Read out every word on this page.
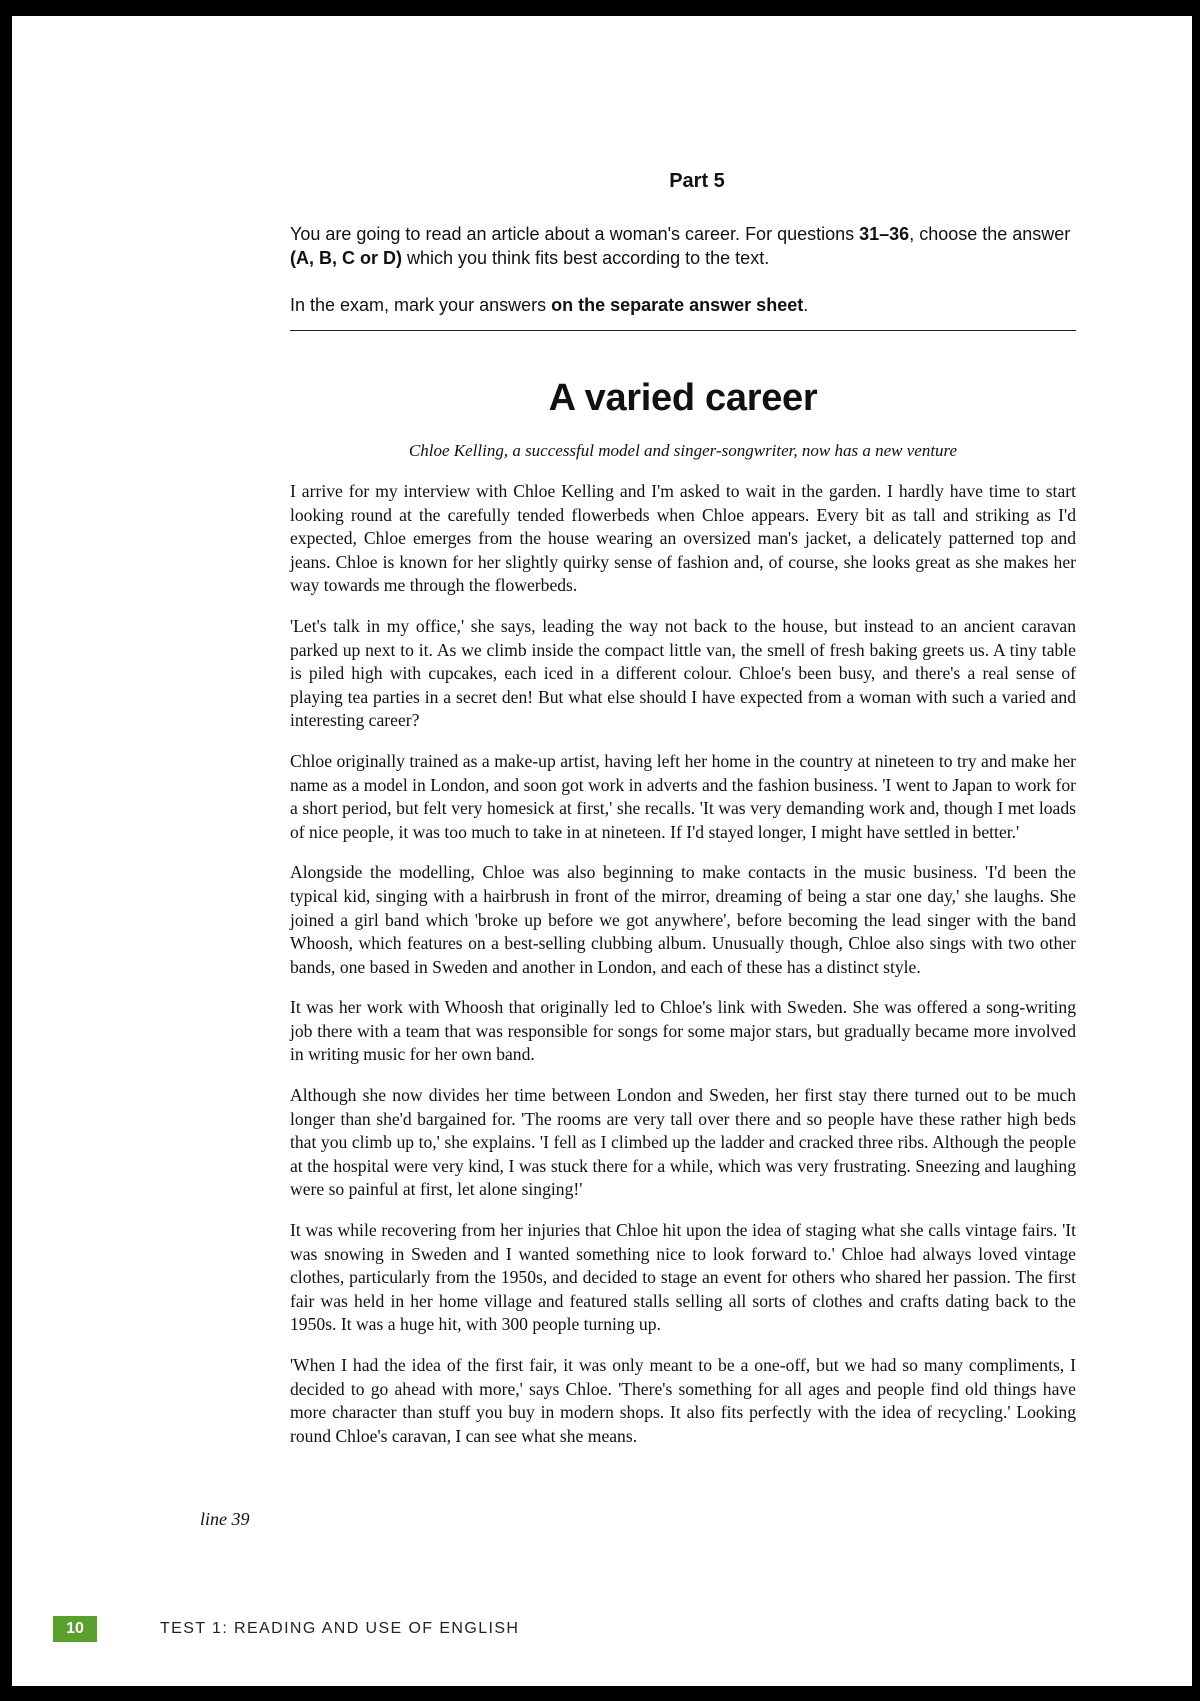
Part 5

You are going to read an article about a woman's career. For questions 31–36, choose the answer (A, B, C or D) which you think fits best according to the text.

In the exam, mark your answers on the separate answer sheet.

A varied career
Chloe Kelling, a successful model and singer-songwriter, now has a new venture

I arrive for my interview with Chloe Kelling and I'm asked to wait in the garden. I hardly have time to start looking round at the carefully tended flowerbeds when Chloe appears. Every bit as tall and striking as I'd expected, Chloe emerges from the house wearing an oversized man's jacket, a delicately patterned top and jeans. Chloe is known for her slightly quirky sense of fashion and, of course, she looks great as she makes her way towards me through the flowerbeds.

'Let's talk in my office,' she says, leading the way not back to the house, but instead to an ancient caravan parked up next to it. As we climb inside the compact little van, the smell of fresh baking greets us. A tiny table is piled high with cupcakes, each iced in a different colour. Chloe's been busy, and there's a real sense of playing tea parties in a secret den! But what else should I have expected from a woman with such a varied and interesting career?

Chloe originally trained as a make-up artist, having left her home in the country at nineteen to try and make her name as a model in London, and soon got work in adverts and the fashion business. 'I went to Japan to work for a short period, but felt very homesick at first,' she recalls. 'It was very demanding work and, though I met loads of nice people, it was too much to take in at nineteen. If I'd stayed longer, I might have settled in better.'

Alongside the modelling, Chloe was also beginning to make contacts in the music business. 'I'd been the typical kid, singing with a hairbrush in front of the mirror, dreaming of being a star one day,' she laughs. She joined a girl band which 'broke up before we got anywhere', before becoming the lead singer with the band Whoosh, which features on a best-selling clubbing album. Unusually though, Chloe also sings with two other bands, one based in Sweden and another in London, and each of these has a distinct style.

It was her work with Whoosh that originally led to Chloe's link with Sweden. She was offered a song-writing job there with a team that was responsible for songs for some major stars, but gradually became more involved in writing music for her own band.

Although she now divides her time between London and Sweden, her first stay there turned out to be much longer than she'd bargained for. 'The rooms are very tall over there and so people have these rather high beds that you climb up to,' she explains. 'I fell as I climbed up the ladder and cracked three ribs. Although the people at the hospital were very kind, I was stuck there for a while, which was very frustrating. Sneezing and laughing were so painful at first, let alone singing!'

It was while recovering from her injuries that Chloe hit upon the idea of staging what she calls vintage fairs. 'It was snowing in Sweden and I wanted something nice to look forward to.' Chloe had always loved vintage clothes, particularly from the 1950s, and decided to stage an event for others who shared her passion. The first fair was held in her home village and featured stalls selling all sorts of clothes and crafts dating back to the 1950s. It was a huge hit, with 300 people turning up.

'When I had the idea of the first fair, it was only meant to be a one-off, but we had so many compliments, I decided to go ahead with more,' says Chloe. 'There's something for all ages and people find old things have more character than stuff you buy in modern shops. It also fits perfectly with the idea of recycling.' Looking round Chloe's caravan, I can see what she means.

line 39
10	TEST 1: READING AND USE OF ENGLISH
